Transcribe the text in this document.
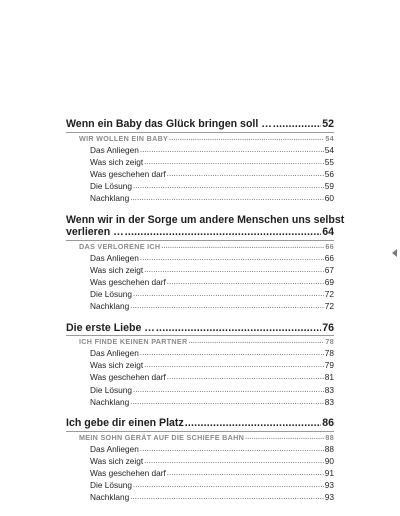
Wenn ein Baby das Glück bringen soll … .....	52
WIR WOLLEN EIN BABY .....	54
Das Anliegen .....	54
Was sich zeigt .....	55
Was geschehen darf .....	56
Die Lösung .....	59
Nachklang .....	60
Wenn wir in der Sorge um andere Menschen uns selbst
verlieren … .....	64
DAS VERLORENE ICH .....	66
Das Anliegen .....	66
Was sich zeigt .....	67
Was geschehen darf .....	69
Die Lösung .....	72
Nachklang .....	72
Die erste Liebe … .....	76
ICH FINDE KEINEN PARTNER .....	78
Das Anliegen .....	78
Was sich zeigt .....	79
Was geschehen darf .....	81
Die Lösung .....	83
Nachklang .....	83
Ich gebe dir einen Platz .....	86
MEIN SOHN GERÄT AUF DIE SCHIEFE BAHN .....	88
Das Anliegen .....	88
Was sich zeigt .....	90
Was geschehen darf .....	91
Die Lösung .....	93
Nachklang .....	93
